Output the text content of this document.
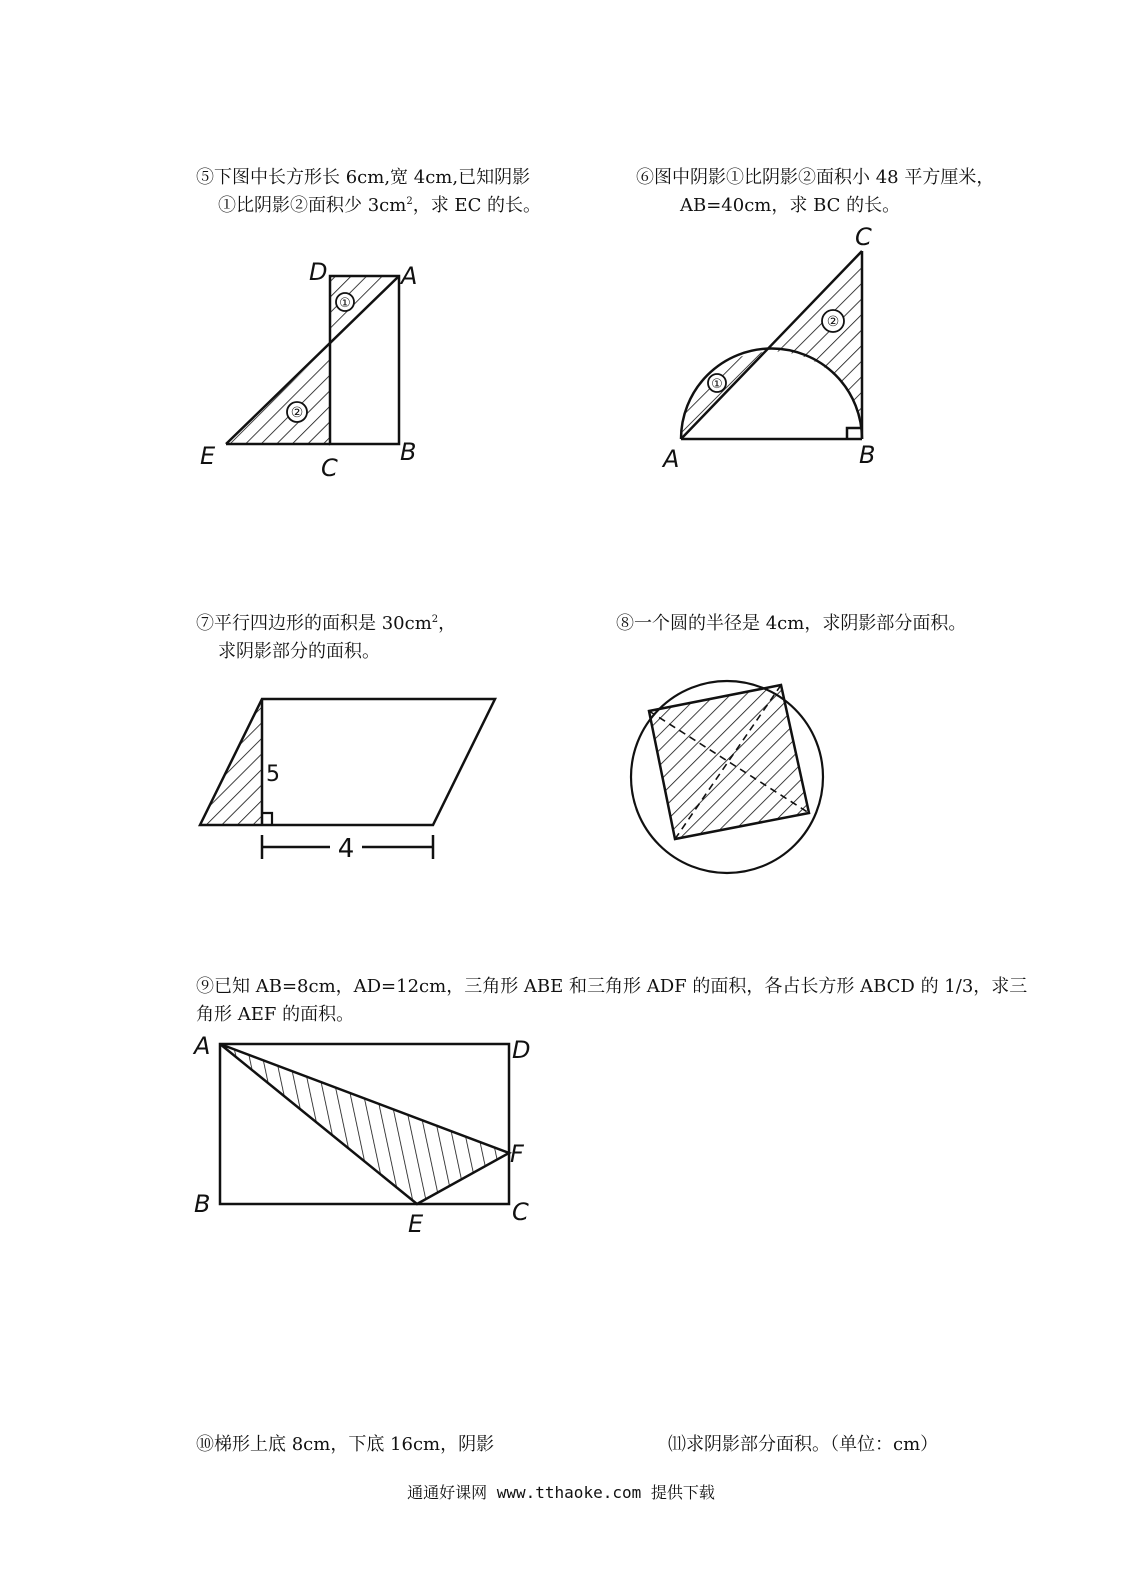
⑤下图中长方形长 6cm,宽 4cm,已知阴影
①比阴影②面积少 $3cm^2$，求 EC 的长。
⑥图中阴影①比阴影②面积小 48 平方厘米，
AB=40cm，求 BC 的长。
①
②
D	A
E	C
B
①
②
C
A	B
⑦平行四边形的面积是 $30cm^2$，
求阴影部分的面积。
⑧一个圆的半径是 4cm，求阴影部分面积。
5
4
⑨已知 AB=8cm，AD=12cm，三角形 ABE 和三角形 ADF 的面积，各占长方形 ABCD 的 1/3，求三
角形 AEF 的面积。
A	D
B
E	C
F
⑩梯形上底 8cm，下底 16cm，阴影	⑾求阴影部分面积。（单位：cm）
通通好课网 www.tthaoke.com 提供下载
